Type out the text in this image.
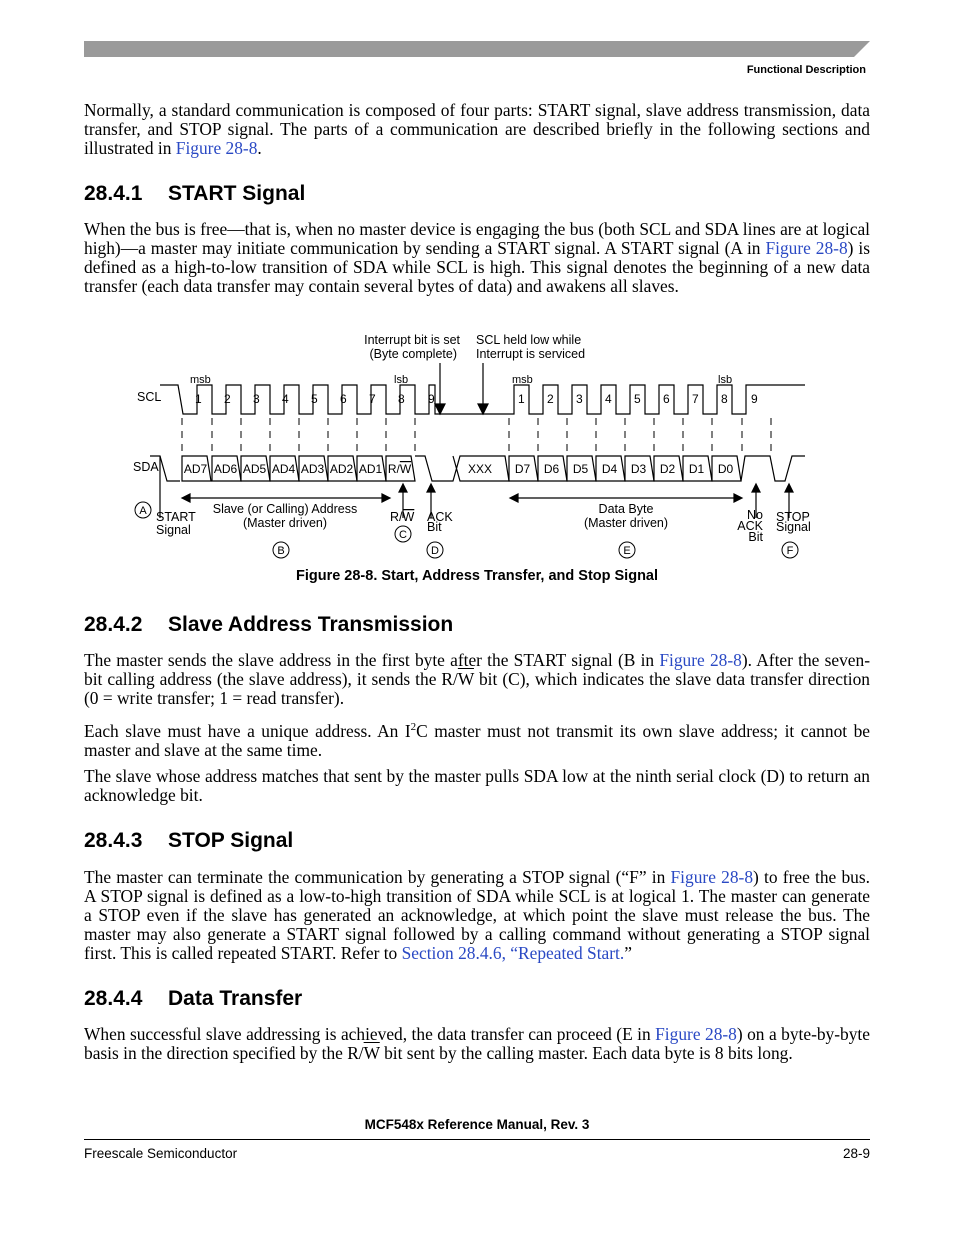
Functional Description

Normally, a standard communication is composed of four parts: START signal, slave address transmission, data transfer, and STOP signal. The parts of a communication are described briefly in the following sections and illustrated in Figure 28-8.

28.4.1 START Signal

When the bus is free—that is, when no master device is engaging the bus (both SCL and SDA lines are at logical high)—a master may initiate communication by sending a START signal. A START signal (A in Figure 28-8) is defined as a high-to-low transition of SDA while SCL is high. This signal denotes the beginning of a new data transfer (each data transfer may contain several bytes of data) and awakens all slaves.

SCL
SDA
1 2 3 4 5 6 7 8 9	1 2 3 4 5 6 7 8 9
msb	lsb	msb	lsb
AD7 AD6 AD5 AD4 AD3 AD2 AD1 R/W	XXX D7 D6 D5 D4 D3 D2 D1 D0
Interrupt bit is set
(Byte complete)
SCL held low while
Interrupt is serviced
Slave (or Calling) Address
(Master driven)
START
Signal
R/W ACK
Bit
Data Byte
(Master driven)
No
ACK
Bit
STOP
Signal
A
B
C
D	E	F
Figure 28-8. Start, Address Transfer, and Stop Signal
28.4.2 Slave Address Transmission

The master sends the slave address in the first byte after the START signal (B in Figure 28-8). After the seven-bit calling address (the slave address), it sends the $R/\overline{W}$ bit (C), which indicates the slave data transfer direction (0 = write transfer; 1 = read transfer).

Each slave must have a unique address. An $I^2C$ master must not transmit its own slave address; it cannot be master and slave at the same time.

The slave whose address matches that sent by the master pulls SDA low at the ninth serial clock (D) to return an acknowledge bit.

28.4.3 STOP Signal

The master can terminate the communication by generating a STOP signal (“F” in Figure 28-8) to free the bus. A STOP signal is defined as a low-to-high transition of SDA while SCL is at logical 1. The master can generate a STOP even if the slave has generated an acknowledge, at which point the slave must release the bus. The master may also generate a START signal followed by a calling command without generating a STOP signal first. This is called repeated START. Refer to Section 28.4.6, “Repeated Start.”

28.4.4 Data Transfer

When successful slave addressing is achieved, the data transfer can proceed (E in Figure 28-8) on a byte-by-byte basis in the direction specified by the $R/\overline{W}$ bit sent by the calling master. Each data byte is 8 bits long.

MCF548x Reference Manual, Rev. 3
Freescale Semiconductor	28-9
